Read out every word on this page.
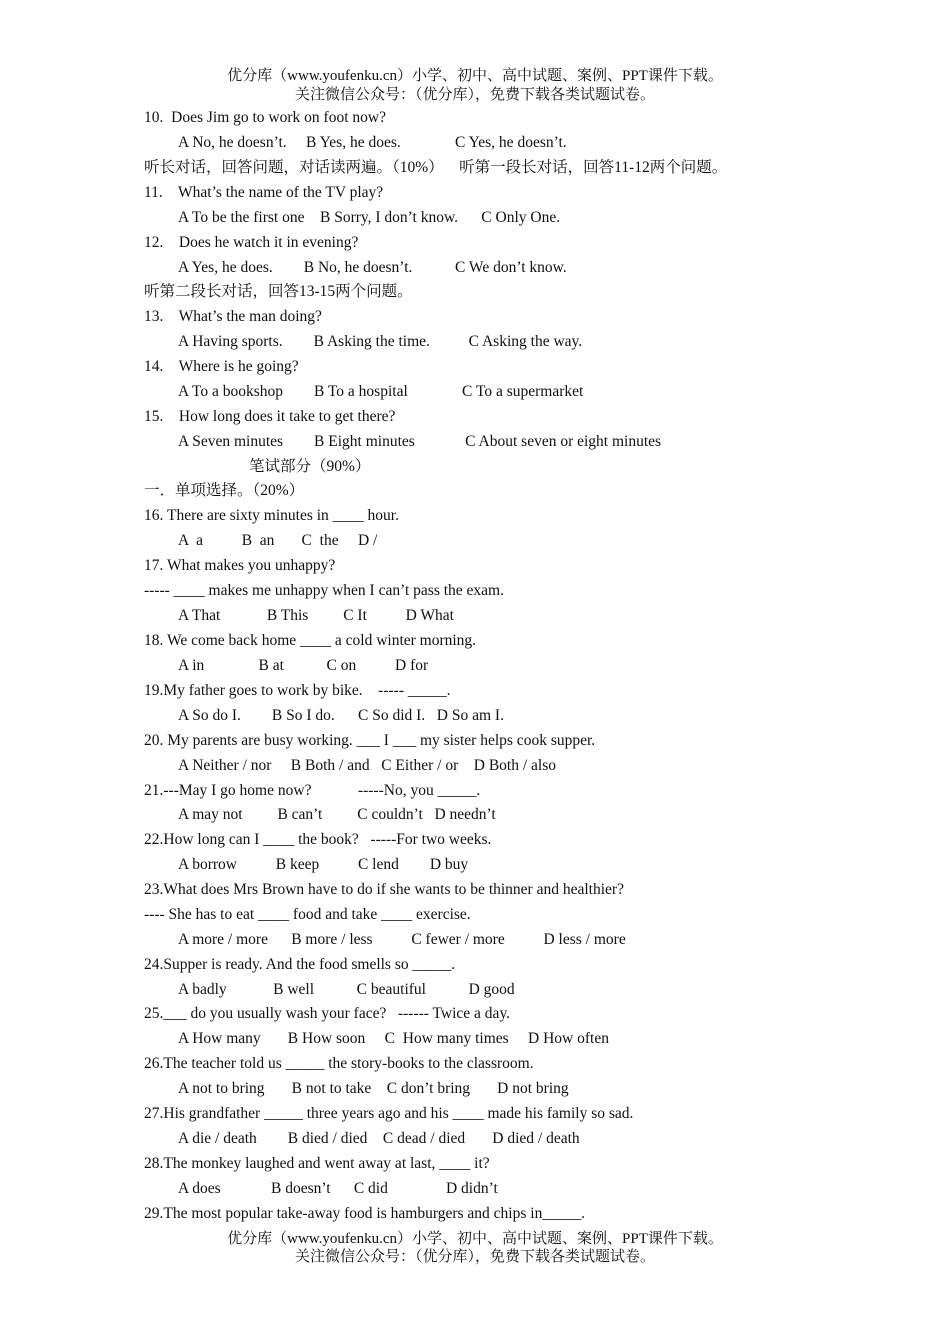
优分库（www.youfenku.cn）小学、初中、高中试题、案例、PPT课件下载。
关注微信公众号：（优分库），免费下载各类试题试卷。
10.  Does Jim go to work on foot now?
A No, he doesn’t.     B Yes, he does.              C Yes, he doesn’t.
听长对话，回答问题，对话读两遍。（10%）    听第一段长对话，回答11-12两个问题。
11.    What’s the name of the TV play?
A To be the first one    B Sorry, I don’t know.      C Only One.
12.    Does he watch it in evening?
A Yes, he does.        B No, he doesn’t.           C We don’t know.
听第二段长对话，回答13-15两个问题。
13.    What’s the man doing?
A Having sports.        B Asking the time.          C Asking the way.
14.    Where is he going?
A To a bookshop        B To a hospital              C To a supermarket
15.    How long does it take to get there?
A Seven minutes        B Eight minutes             C About seven or eight minutes
笔试部分（90%）
一．单项选择。（20%）
16. There are sixty minutes in ____ hour.
A  a          B  an       C  the     D /
17. What makes you unhappy?
----- ____ makes me unhappy when I can’t pass the exam.
A That            B This         C It          D What
18. We come back home ____ a cold winter morning.
A in              B at           C on          D for
19.My father goes to work by bike.    ----- _____.
A So do I.        B So I do.      C So did I.   D So am I.
20. My parents are busy working. ___ I ___ my sister helps cook supper.
A Neither / nor     B Both / and   C Either / or    D Both / also
21.---May I go home now?            -----No, you _____.
A may not         B can’t         C couldn’t   D needn’t
22.How long can I ____ the book?   -----For two weeks.
A borrow          B keep          C lend        D buy
23.What does Mrs Brown have to do if she wants to be thinner and healthier?
---- She has to eat ____ food and take ____ exercise.
A more / more      B more / less          C fewer / more          D less / more
24.Supper is ready. And the food smells so _____.
A badly            B well           C beautiful           D good
25.___ do you usually wash your face?   ------ Twice a day.
A How many       B How soon     C  How many times     D How often
26.The teacher told us _____ the story-books to the classroom.
A not to bring       B not to take    C don’t bring       D not bring
27.His grandfather _____ three years ago and his ____ made his family so sad.
A die / death        B died / died    C dead / died       D died / death
28.The monkey laughed and went away at last, ____ it?
A does             B doesn’t      C did               D didn’t
29.The most popular take-away food is hamburgers and chips in_____.
优分库（www.youfenku.cn）小学、初中、高中试题、案例、PPT课件下载。
关注微信公众号：（优分库），免费下载各类试题试卷。
